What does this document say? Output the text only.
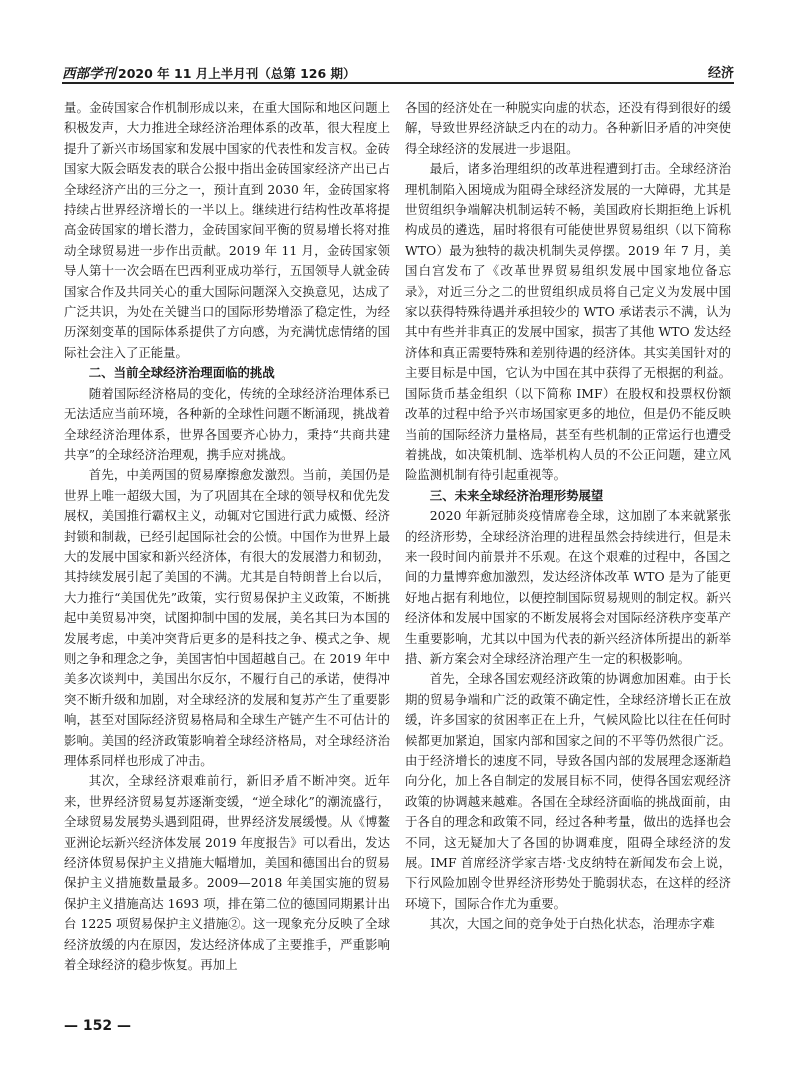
西部学刊 2020 年 11 月上半月刊（总第 126 期）	经济

量。金砖国家合作机制形成以来，在重大国际和地区问题上积极发声，大力推进全球经济治理体系的改革，很大程度上提升了新兴市场国家和发展中国家的代表性和发言权。金砖国家大阪会晤发表的联合公报中指出金砖国家经济产出已占全球经济产出的三分之一，预计直到 2030 年，金砖国家将持续占世界经济增长的一半以上。继续进行结构性改革将提高金砖国家的增长潜力，金砖国家间平衡的贸易增长将对推动全球贸易进一步作出贡献。2019 年 11 月，金砖国家领导人第十一次会晤在巴西利亚成功举行，五国领导人就金砖国家合作及共同关心的重大国际问题深入交换意见，达成了广泛共识，为处在关键当口的国际形势增添了稳定性，为经历深刻变革的国际体系提供了方向感，为充满忧虑情绪的国际社会注入了正能量。

二、当前全球经济治理面临的挑战

随着国际经济格局的变化，传统的全球经济治理体系已无法适应当前环境，各种新的全球性问题不断涌现，挑战着全球经济治理体系，世界各国要齐心协力，秉持“共商共建共享”的全球经济治理观，携手应对挑战。

首先，中美两国的贸易摩擦愈发激烈。当前，美国仍是世界上唯一超级大国，为了巩固其在全球的领导权和优先发展权，美国推行霸权主义，动辄对它国进行武力威慑、经济封锁和制裁，已经引起国际社会的公愤。中国作为世界上最大的发展中国家和新兴经济体，有很大的发展潜力和韧劲，其持续发展引起了美国的不满。尤其是自特朗普上台以后，大力推行“美国优先”政策，实行贸易保护主义政策，不断挑起中美贸易冲突，试图抑制中国的发展，美名其曰为本国的发展考虑，中美冲突背后更多的是科技之争、模式之争、规则之争和理念之争，美国害怕中国超越自己。在 2019 年中美多次谈判中，美国出尔反尔，不履行自己的承诺，使得冲突不断升级和加剧，对全球经济的发展和复苏产生了重要影响，甚至对国际经济贸易格局和全球生产链产生不可估计的影响。美国的经济政策影响着全球经济格局，对全球经济治理体系同样也形成了冲击。

其次，全球经济艰难前行，新旧矛盾不断冲突。近年来，世界经济贸易复苏逐渐变缓，“逆全球化”的潮流盛行，全球贸易发展势头遇到阻碍，世界经济发展缓慢。从《博鳌亚洲论坛新兴经济体发展 2019 年度报告》可以看出，发达经济体贸易保护主义措施大幅增加，美国和德国出台的贸易保护主义措施数量最多。2009—2018 年美国实施的贸易保护主义措施高达 1693 项，排在第二位的德国同期累计出台 1225 项贸易保护主义措施②。这一现象充分反映了全球经济放缓的内在原因，发达经济体成了主要推手，严重影响着全球经济的稳步恢复。再加上

各国的经济处在一种脱实向虚的状态，还没有得到很好的缓解，导致世界经济缺乏内在的动力。各种新旧矛盾的冲突使得全球经济的发展进一步退阻。

最后，诸多治理组织的改革进程遭到打击。全球经济治理机制陷入困境成为阻碍全球经济发展的一大障碍，尤其是世贸组织争端解决机制运转不畅，美国政府长期拒绝上诉机构成员的遴选，届时将很有可能使世界贸易组织（以下简称 WTO）最为独特的裁决机制失灵停摆。2019 年 7 月，美国白宫发布了《改革世界贸易组织发展中国家地位备忘录》，对近三分之二的世贸组织成员将自己定义为发展中国家以获得特殊待遇并承担较少的 WTO 承诺表示不满，认为其中有些并非真正的发展中国家，损害了其他 WTO 发达经济体和真正需要特殊和差别待遇的经济体。其实美国针对的主要目标是中国，它认为中国在其中获得了无根据的利益。国际货币基金组织（以下简称 IMF）在股权和投票权份额改革的过程中给予兴市场国家更多的地位，但是仍不能反映当前的国际经济力量格局，甚至有些机制的正常运行也遭受着挑战，如决策机制、选举机构人员的不公正问题，建立风险监测机制有待引起重视等。

三、未来全球经济治理形势展望

2020 年新冠肺炎疫情席卷全球，这加剧了本来就紧张的经济形势，全球经济治理的进程虽然会持续进行，但是未来一段时间内前景并不乐观。在这个艰难的过程中，各国之间的力量博弈愈加激烈，发达经济体改革 WTO 是为了能更好地占据有利地位，以便控制国际贸易规则的制定权。新兴经济体和发展中国家的不断发展将会对国际经济秩序变革产生重要影响，尤其以中国为代表的新兴经济体所提出的新举措、新方案会对全球经济治理产生一定的积极影响。

首先，全球各国宏观经济政策的协调愈加困难。由于长期的贸易争端和广泛的政策不确定性，全球经济增长正在放缓，许多国家的贫困率正在上升，气候风险比以往在任何时候都更加紧迫，国家内部和国家之间的不平等仍然很广泛。由于经济增长的速度不同，导致各国内部的发展理念逐渐趋向分化，加上各自制定的发展目标不同，使得各国宏观经济政策的协调越来越难。各国在全球经济面临的挑战面前，由于各自的理念和政策不同，经过各种考量，做出的选择也会不同，这无疑加大了各国的协调难度，阻碍全球经济的发展。IMF 首席经济学家吉塔·戈皮纳特在新闻发布会上说，下行风险加剧令世界经济形势处于脆弱状态，在这样的经济环境下，国际合作尤为重要。

其次，大国之间的竞争处于白热化状态，治理赤字难

— 152 —
